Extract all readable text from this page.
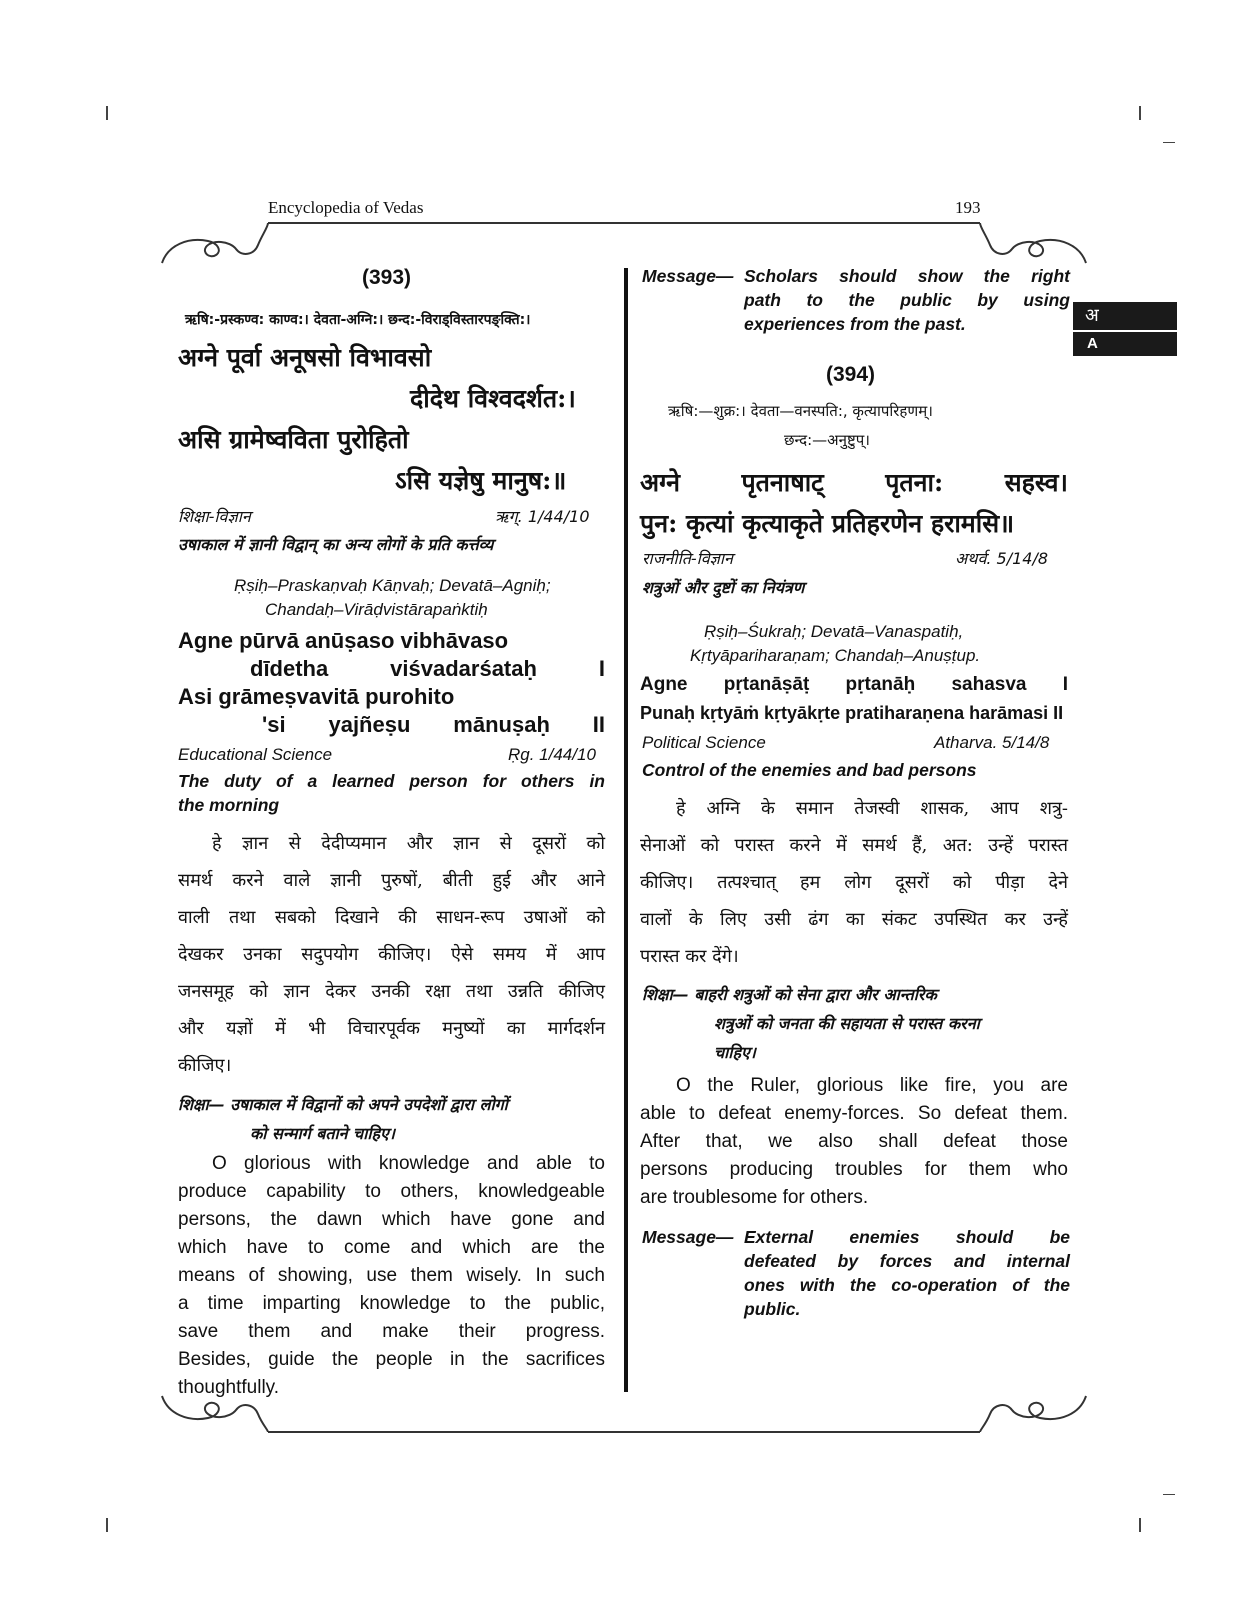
Encyclopedia of Vedas	193
अ
A
(393)
ऋषि:-प्रस्कण्व: काण्व:। देवता-अग्नि:। छन्द:-विराड्विस्तारपङ्क्ति:।
अग्ने पूर्वा अनूषसो विभावसो
दीदेथ विश्वदर्शत:।
असि ग्रामेष्वविता पुरोहितो
ऽसि यज्ञेषु मानुष:॥
शिक्षा-विज्ञान	ऋग्. 1/44/10
उषाकाल में ज्ञानी विद्वान् का अन्य लोगों के प्रति कर्त्तव्य
Ṛṣiḥ–Praskaṇvaḥ Kāṇvaḥ; Devatā–Agniḥ;
Chandaḥ–Virāḍvistārapaṅktiḥ
Agne pūrvā anūṣaso vibhāvaso
dīdetha viśvadarśataḥ I
Asi grāmeṣvavitā purohito
'si yajñeṣu mānuṣaḥ II
Educational Science	Ṛg. 1/44/10
The duty of a learned person for others in
the morning
हे ज्ञान से देदीप्यमान और ज्ञान से दूसरों को
समर्थ करने वाले ज्ञानी पुरुषों, बीती हुई और आने
वाली तथा सबको दिखाने की साधन-रूप उषाओं को
देखकर उनका सदुपयोग कीजिए। ऐसे समय में आप
जनसमूह को ज्ञान देकर उनकी रक्षा तथा उन्नति कीजिए
और यज्ञों में भी विचारपूर्वक मनुष्यों का मार्गदर्शन
कीजिए।
शिक्षा— उषाकाल में विद्वानों को अपने उपदेशों द्वारा लोगों
को सन्मार्ग बताने चाहिए।
O glorious with knowledge and able to
produce capability to others, knowledgeable
persons, the dawn which have gone and
which have to come and which are the
means of showing, use them wisely. In such
a time imparting knowledge to the public,
save them and make their progress.
Besides, guide the people in the sacrifices
thoughtfully.
Message— Scholars should show the right
path to the public by using
experiences from the past.
(394)
ऋषि:—शुक्र:। देवता—वनस्पति:, कृत्यापरिहणम्।
छन्द:—अनुष्टुप्।
अग्ने पृतनाषाट् पृतना: सहस्व।
पुन: कृत्यां कृत्याकृते प्रतिहरणेन हरामसि॥
राजनीति-विज्ञान	अथर्व. 5/14/8
शत्रुओं और दुष्टों का नियंत्रण
Ṛṣiḥ–Śukraḥ; Devatā–Vanaspatiḥ,
Kṛtyāpariharaṇam; Chandaḥ–Anuṣṭup.
Agne pṛtanāṣāṭ pṛtanāḥ sahasva I
Punaḥ kṛtyāṁ kṛtyākṛte pratiharaṇena harāmasi II
Political Science	Atharva. 5/14/8
Control of the enemies and bad persons
हे अग्नि के समान तेजस्वी शासक, आप शत्रु-
सेनाओं को परास्त करने में समर्थ हैं, अत: उन्हें परास्त
कीजिए। तत्पश्चात् हम लोग दूसरों को पीड़ा देने
वालों के लिए उसी ढंग का संकट उपस्थित कर उन्हें
परास्त कर देंगे।
शिक्षा— बाहरी शत्रुओं को सेना द्वारा और आन्तरिक
शत्रुओं को जनता की सहायता से परास्त करना
चाहिए।
O the Ruler, glorious like fire, you are
able to defeat enemy-forces. So defeat them.
After that, we also shall defeat those
persons producing troubles for them who
are troublesome for others.
Message— External enemies should be
defeated by forces and internal
ones with the co-operation of the
public.
